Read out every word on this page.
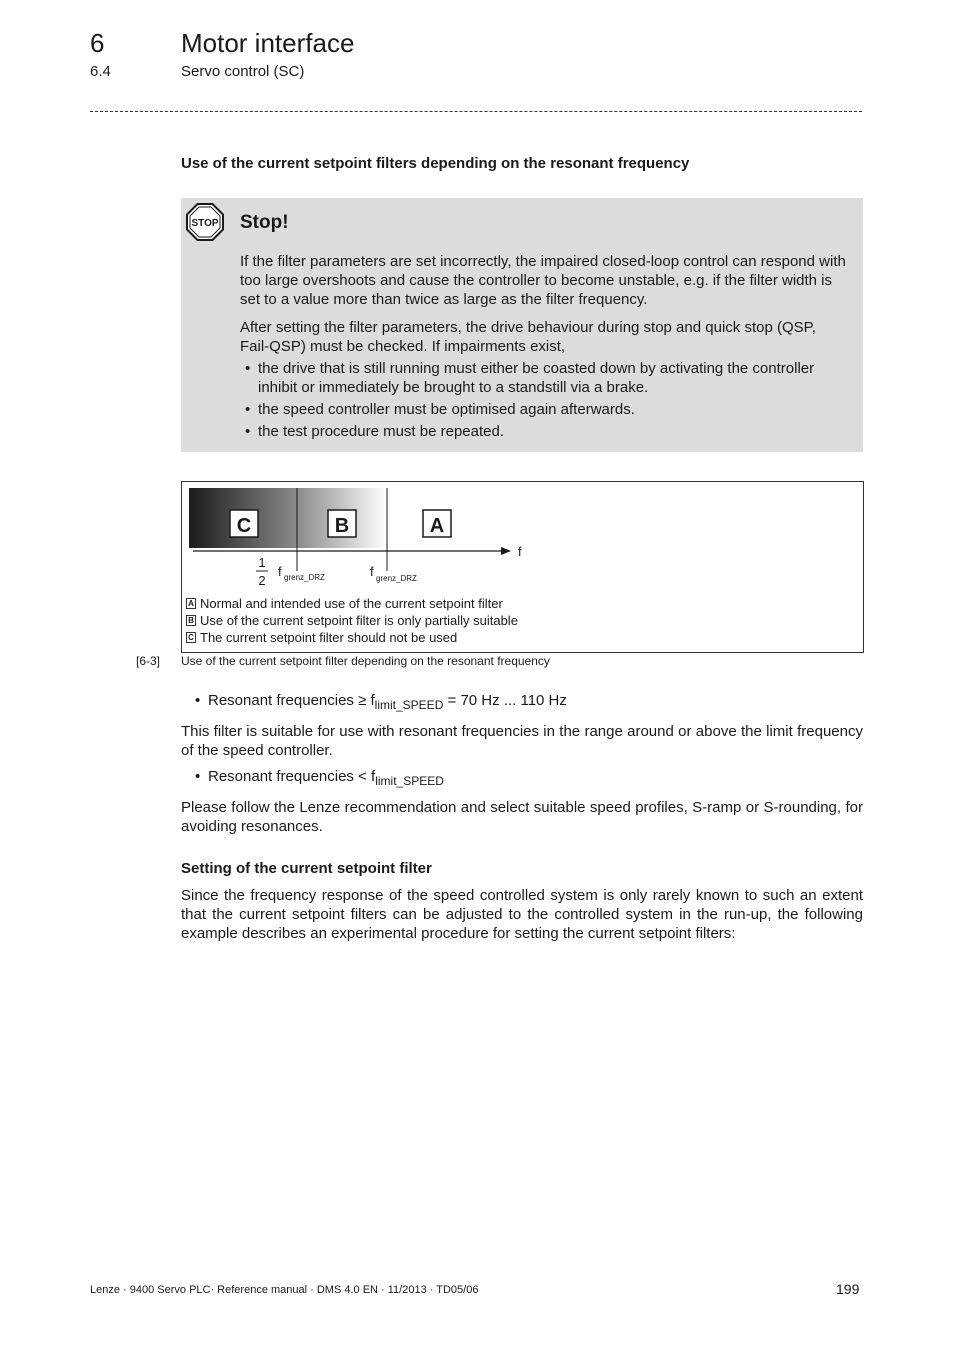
6	Motor interface
6.4	Servo control (SC)
Use of the current setpoint filters depending on the resonant frequency
STOP Stop!

If the filter parameters are set incorrectly, the impaired closed-loop control can respond with too large overshoots and cause the controller to become unstable, e.g. if the filter width is set to a value more than twice as large as the filter frequency.

After setting the filter parameters, the drive behaviour during stop and quick stop (QSP, Fail-QSP) must be checked. If impairments exist,

• the drive that is still running must either be coasted down by activating the controller inhibit or immediately be brought to a standstill via a brake.
• the speed controller must be optimised again afterwards.
• the test procedure must be repeated.
f
C	B	A
1
2
f grenz_DRZ	f grenz_DRZ
A Normal and intended use of the current setpoint filter
B Use of the current setpoint filter is only partially suitable
C The current setpoint filter should not be used
[6-3] Use of the current setpoint filter depending on the resonant frequency
• Resonant frequencies ≥ $f_{limit\_SPEED} = 70$ Hz ... 110 Hz
This filter is suitable for use with resonant frequencies in the range around or above the limit frequency of the speed controller.
• Resonant frequencies < $f_{limit\_SPEED}$
Please follow the Lenze recommendation and select suitable speed profiles, S-ramp or S-rounding, for avoiding resonances.
Setting of the current setpoint filter
Since the frequency response of the speed controlled system is only rarely known to such an extent that the current setpoint filters can be adjusted to the controlled system in the run-up, the following example describes an experimental procedure for setting the current setpoint filters:
Lenze · 9400 Servo PLC· Reference manual · DMS 4.0 EN · 11/2013 · TD05/06	199
